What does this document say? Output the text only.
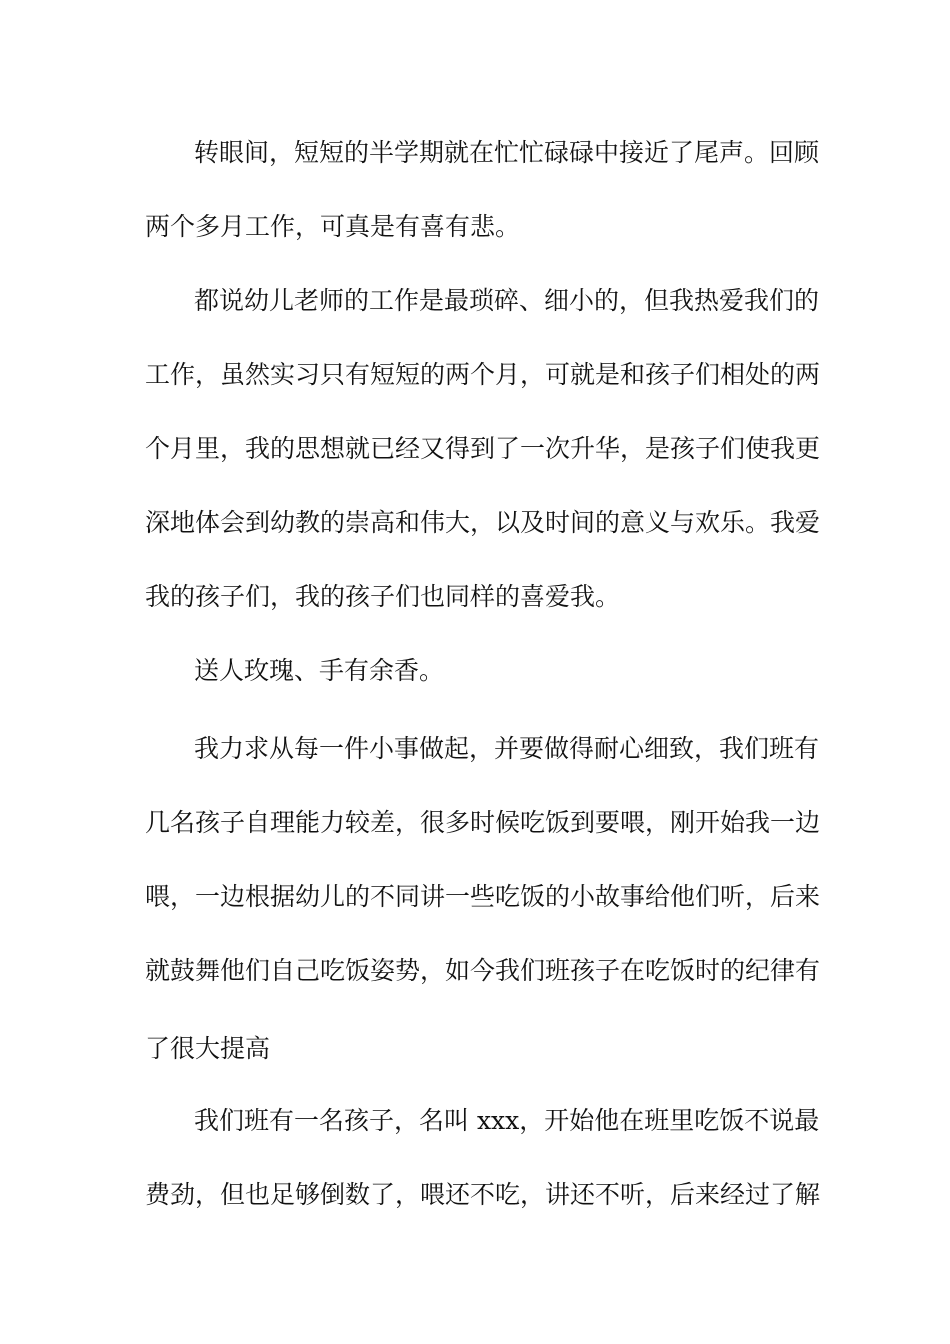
转眼间，短短的半学期就在忙忙碌碌中接近了尾声。回顾
两个多月工作，可真是有喜有悲。
都说幼儿老师的工作是最琐碎、细小的，但我热爱我们的
工作，虽然实习只有短短的两个月，可就是和孩子们相处的两
个月里，我的思想就已经又得到了一次升华，是孩子们使我更
深地体会到幼教的崇高和伟大，以及时间的意义与欢乐。我爱
我的孩子们，我的孩子们也同样的喜爱我。
送人玫瑰、手有余香。
我力求从每一件小事做起，并要做得耐心细致，我们班有
几名孩子自理能力较差，很多时候吃饭到要喂，刚开始我一边
喂，一边根据幼儿的不同讲一些吃饭的小故事给他们听，后来
就鼓舞他们自己吃饭姿势，如今我们班孩子在吃饭时的纪律有
了很大提高
我们班有一名孩子，名叫 xxx，开始他在班里吃饭不说最
费劲，但也足够倒数了，喂还不吃，讲还不听，后来经过了解
